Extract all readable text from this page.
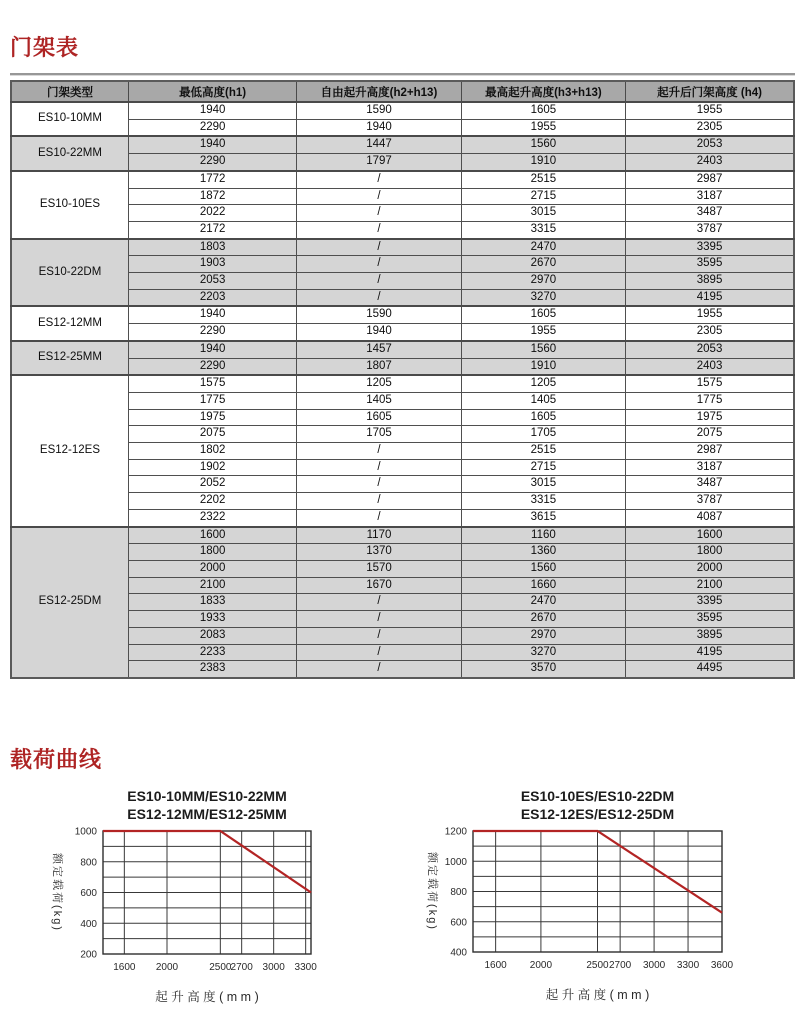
门架表
门架类型	最低高度(h1)	自由起升高度(h2+h13)	最高起升高度(h3+h13)	起升后门架高度 (h4)
ES10-10MM	1940	1590	1605	1955
	2290	1940	1955	2305
ES10-22MM	1940	1447	1560	2053
	2290	1797	1910	2403
ES10-10ES	1772	/	2515	2987
	1872	/	2715	3187
	2022	/	3015	3487
	2172	/	3315	3787
ES10-22DM	1803	/	2470	3395
	1903	/	2670	3595
	2053	/	2970	3895
	2203	/	3270	4195
ES12-12MM	1940	1590	1605	1955
	2290	1940	1955	2305
ES12-25MM	1940	1457	1560	2053
	2290	1807	1910	2403
ES12-12ES	1575	1205	1205	1575
	1775	1405	1405	1775
	1975	1605	1605	1975
	2075	1705	1705	2075
	1802	/	2515	2987
	1902	/	2715	3187
	2052	/	3015	3487
	2202	/	3315	3787
	2322	/	3615	4087
ES12-25DM	1600	1170	1160	1600
	1800	1370	1360	1800
	2000	1570	1560	2000
	2100	1670	1660	2100
	1833	/	2470	3395
	1933	/	2670	3595
	2083	/	2970	3895
	2233	/	3270	4195
	2383	/	3570	4495
载荷曲线
ES10-10MM/ES10-22MM
ES12-12MM/ES12-25MM
200
400
600
800
1000
1600 2000	2500 2700 3000 3300
起 升 高 度 ( m m )
额定载荷(kg)
ES10-10ES/ES10-22DM
ES12-12ES/ES12-25DM
400
600
800
1000
1200
1600 2000	2500 2700 3000 3300 3600
起 升 高 度 ( m m )
额定载荷(kg)
